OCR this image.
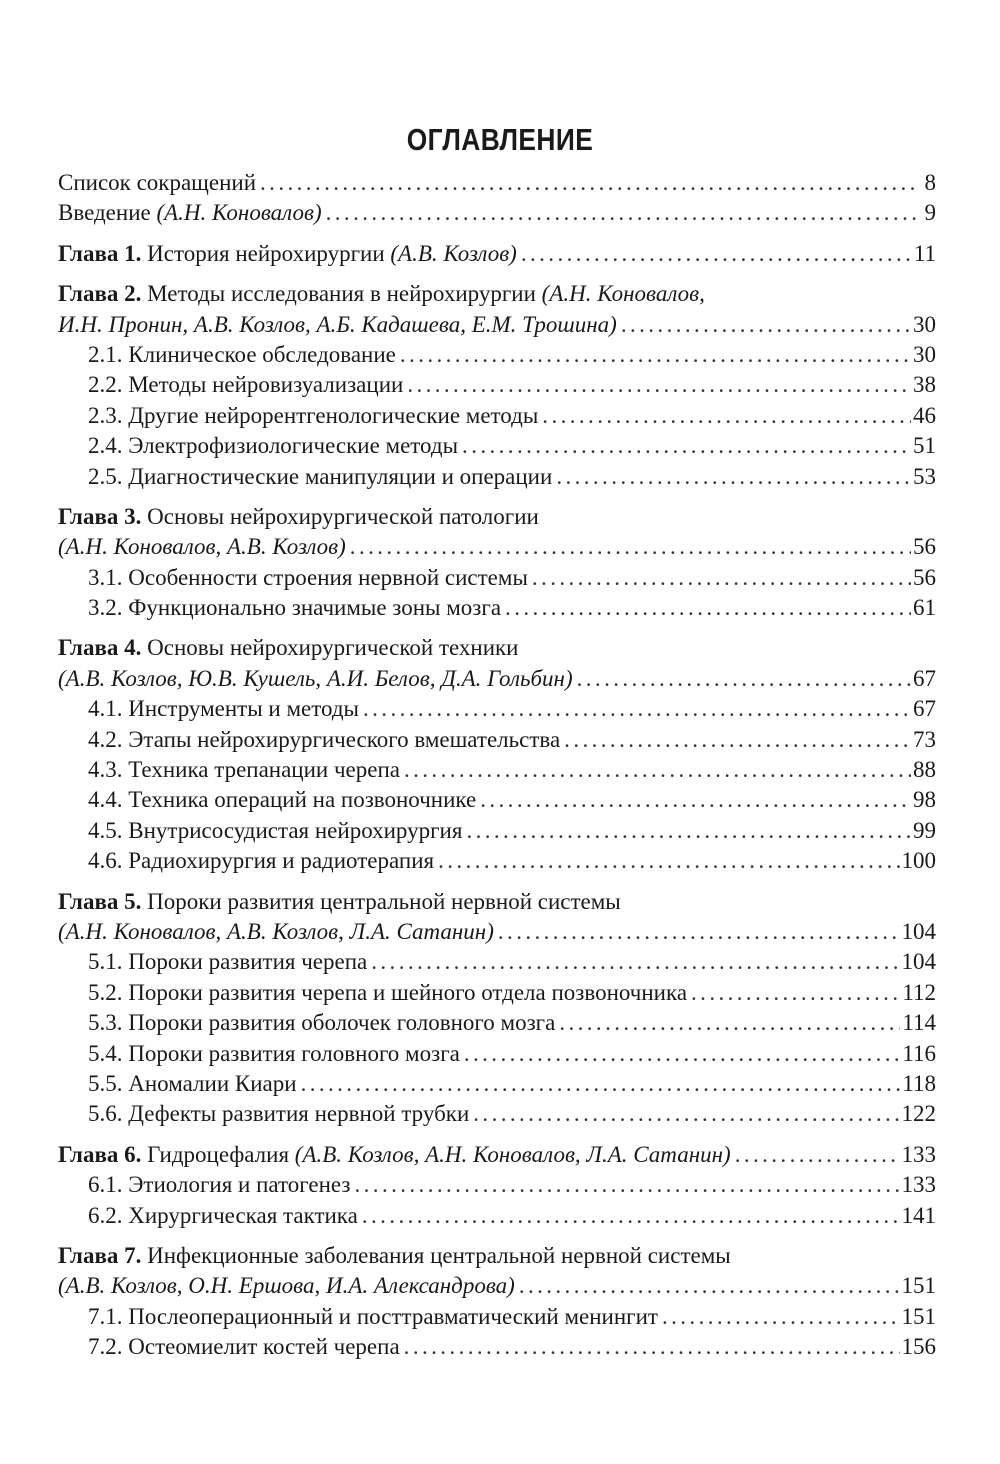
ОГЛАВЛЕНИЕ
Список сокращений .....	8
Введение
(А.Н. Коновалов) .....	9
Глава 1.
История нейрохирургии
(А.В. Козлов) .....	11
Глава 2.
Методы исследования в нейрохирургии
(А.Н. Коновалов,
И.Н. Пронин, А.В. Козлов, А.Б. Кадашева, Е.М. Трошина) .....	30
2.1. Клиническое обследование .....	30
2.2. Методы нейровизуализации .....	38
2.3. Другие нейрорентгенологические методы .....	46
2.4. Электрофизиологические методы .....	51
2.5. Диагностические манипуляции и операции .....	53
Глава 3.
Основы нейрохирургической патологии
(А.Н. Коновалов, А.В. Козлов) .....	56
3.1. Особенности строения нервной системы .....	56
3.2. Функционально значимые зоны мозга .....	61
Глава 4.
Основы нейрохирургической техники
(А.В. Козлов, Ю.В. Кушель, А.И. Белов, Д.А. Гольбин) .....	67
4.1. Инструменты и методы .....	67
4.2. Этапы нейрохирургического вмешательства .....	73
4.3. Техника трепанации черепа .....	88
4.4. Техника операций на позвоночнике .....	98
4.5. Внутрисосудистая нейрохирургия .....	99
4.6. Радиохирургия и радиотерапия .....	100
Глава 5.
Пороки развития центральной нервной системы
(А.Н. Коновалов, А.В. Козлов, Л.А. Сатанин) .....	104
5.1. Пороки развития черепа .....	104
5.2. Пороки развития черепа и шейного отдела позвоночника .....	112
5.3. Пороки развития оболочек головного мозга .....	114
5.4. Пороки развития головного мозга .....	116
5.5. Аномалии Киари .....	118
5.6. Дефекты развития нервной трубки .....	122
Глава 6.
Гидроцефалия
(А.В. Козлов, А.Н. Коновалов, Л.А. Сатанин) .....	133
6.1. Этиология и патогенез .....	133
6.2. Хирургическая тактика .....	141
Глава 7.
Инфекционные заболевания центральной нервной системы
(А.В. Козлов, О.Н. Ершова, И.А. Александрова) .....	151
7.1. Послеоперационный и посттравматический менингит .....	151
7.2. Остеомиелит костей черепа .....	156
